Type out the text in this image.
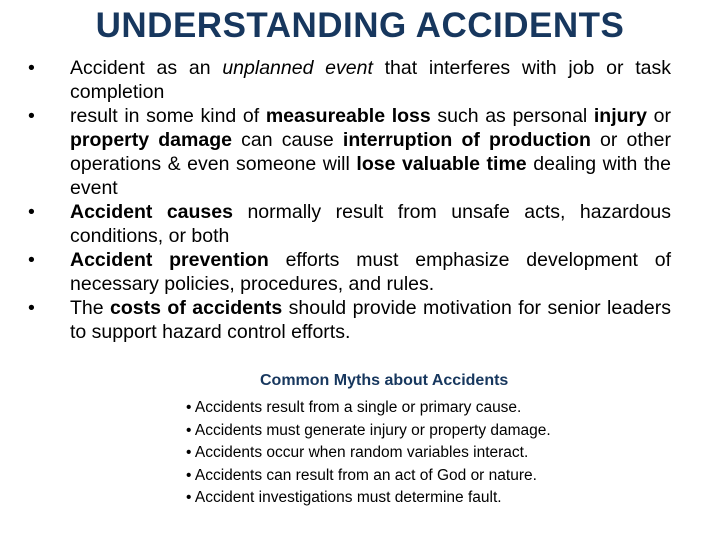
UNDERSTANDING ACCIDENTS
•	Accident as an unplanned event that interferes with job or task completion
•	result in some kind of measureable loss such as personal injury or property damage can cause interruption of production or other operations & even someone will lose valuable time dealing with the event
•	Accident causes normally result from unsafe acts, hazardous conditions, or both
•	Accident prevention efforts must emphasize development of necessary policies, procedures, and rules.
•	The costs of accidents should provide motivation for senior leaders to support hazard control efforts.
Common Myths about Accidents
• Accidents result from a single or primary cause.
• Accidents must generate injury or property damage.
• Accidents occur when random variables interact.
• Accidents can result from an act of God or nature.
• Accident investigations must determine fault.
